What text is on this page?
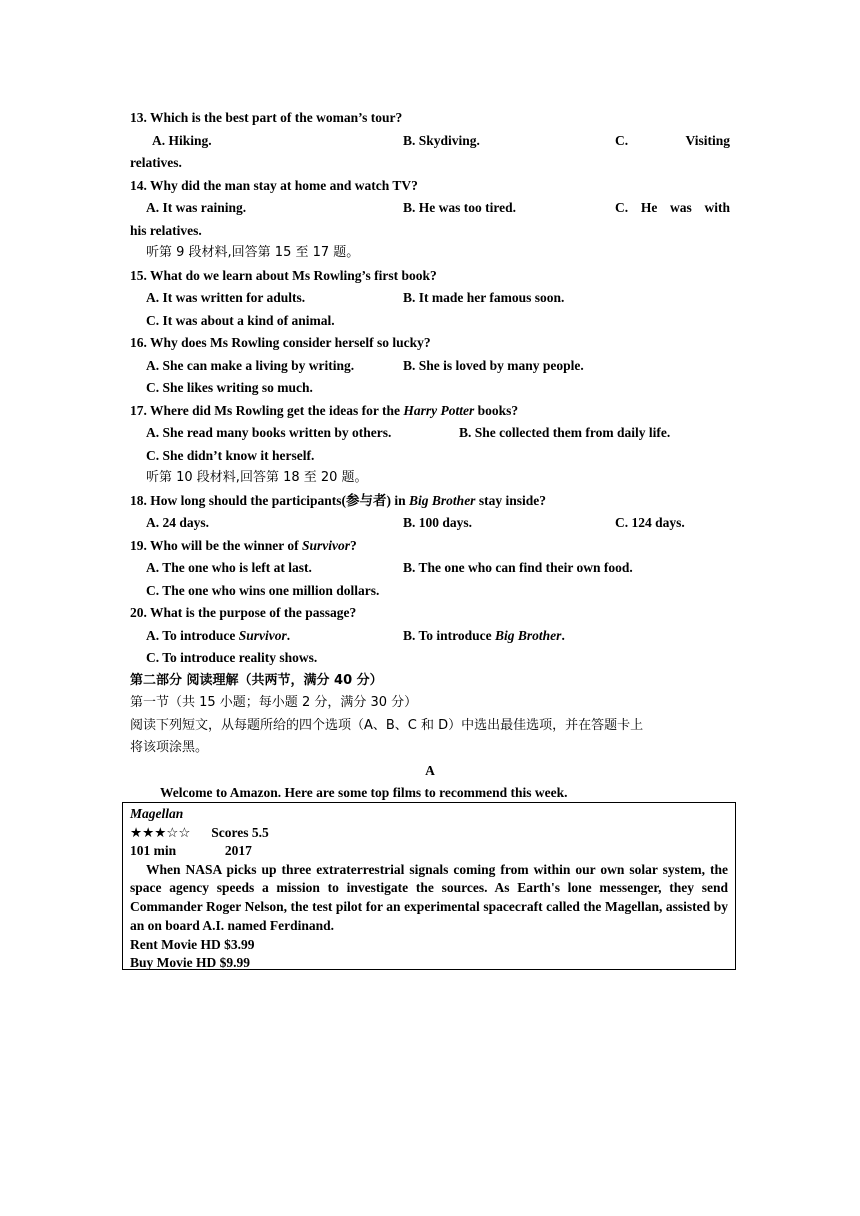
13. Which is the best part of the woman’s tour?
A. Hiking.	B. Skydiving.	C.	Visiting
relatives.
14. Why did the man stay at home and watch TV?
A. It was raining.	B. He was too tired.	C. He was with
his relatives.
听第 9 段材料,回答第 15 至 17 题。
15. What do we learn about Ms Rowling’s first book?
A. It was written for adults.	B. It made her famous soon.
C. It was about a kind of animal.
16. Why does Ms Rowling consider herself so lucky?
A. She can make a living by writing.	B. She is loved by many people.
C. She likes writing so much.
17. Where did Ms Rowling get the ideas for the Harry Potter books?
A. She read many books written by others.	B. She collected them from daily life.
C. She didn’t know it herself.
听第 10 段材料,回答第 18 至 20 题。
18. How long should the participants(参与者) in Big Brother stay inside?
A. 24 days.	B. 100 days.	C. 124 days.
19. Who will be the winner of Survivor?
A. The one who is left at last.	B. The one who can find their own food.
C. The one who wins one million dollars.
20. What is the purpose of the passage?
A. To introduce Survivor.	B. To introduce Big Brother.
C. To introduce reality shows.
第二部分 阅读理解（共两节，满分 40 分）
第一节（共 15 小题；每小题 2 分，满分 30 分）
阅读下列短文，从每题所给的四个选项（A、B、C 和 D）中选出最佳选项，并在答题卡上
将该项涂黑。
A
Welcome to Amazon. Here are some top films to recommend this week.
Magellan
★★★☆☆ Scores 5.5
101 min	2017

When NASA picks up three extraterrestrial signals coming from within our own solar system, the space agency speeds a mission to investigate the sources. As Earth's lone messenger, they send Commander Roger Nelson, the test pilot for an experimental spacecraft called the Magellan, assisted by an on board A.I. named Ferdinand.

Rent Movie HD $3.99
Buy Movie HD $9.99
